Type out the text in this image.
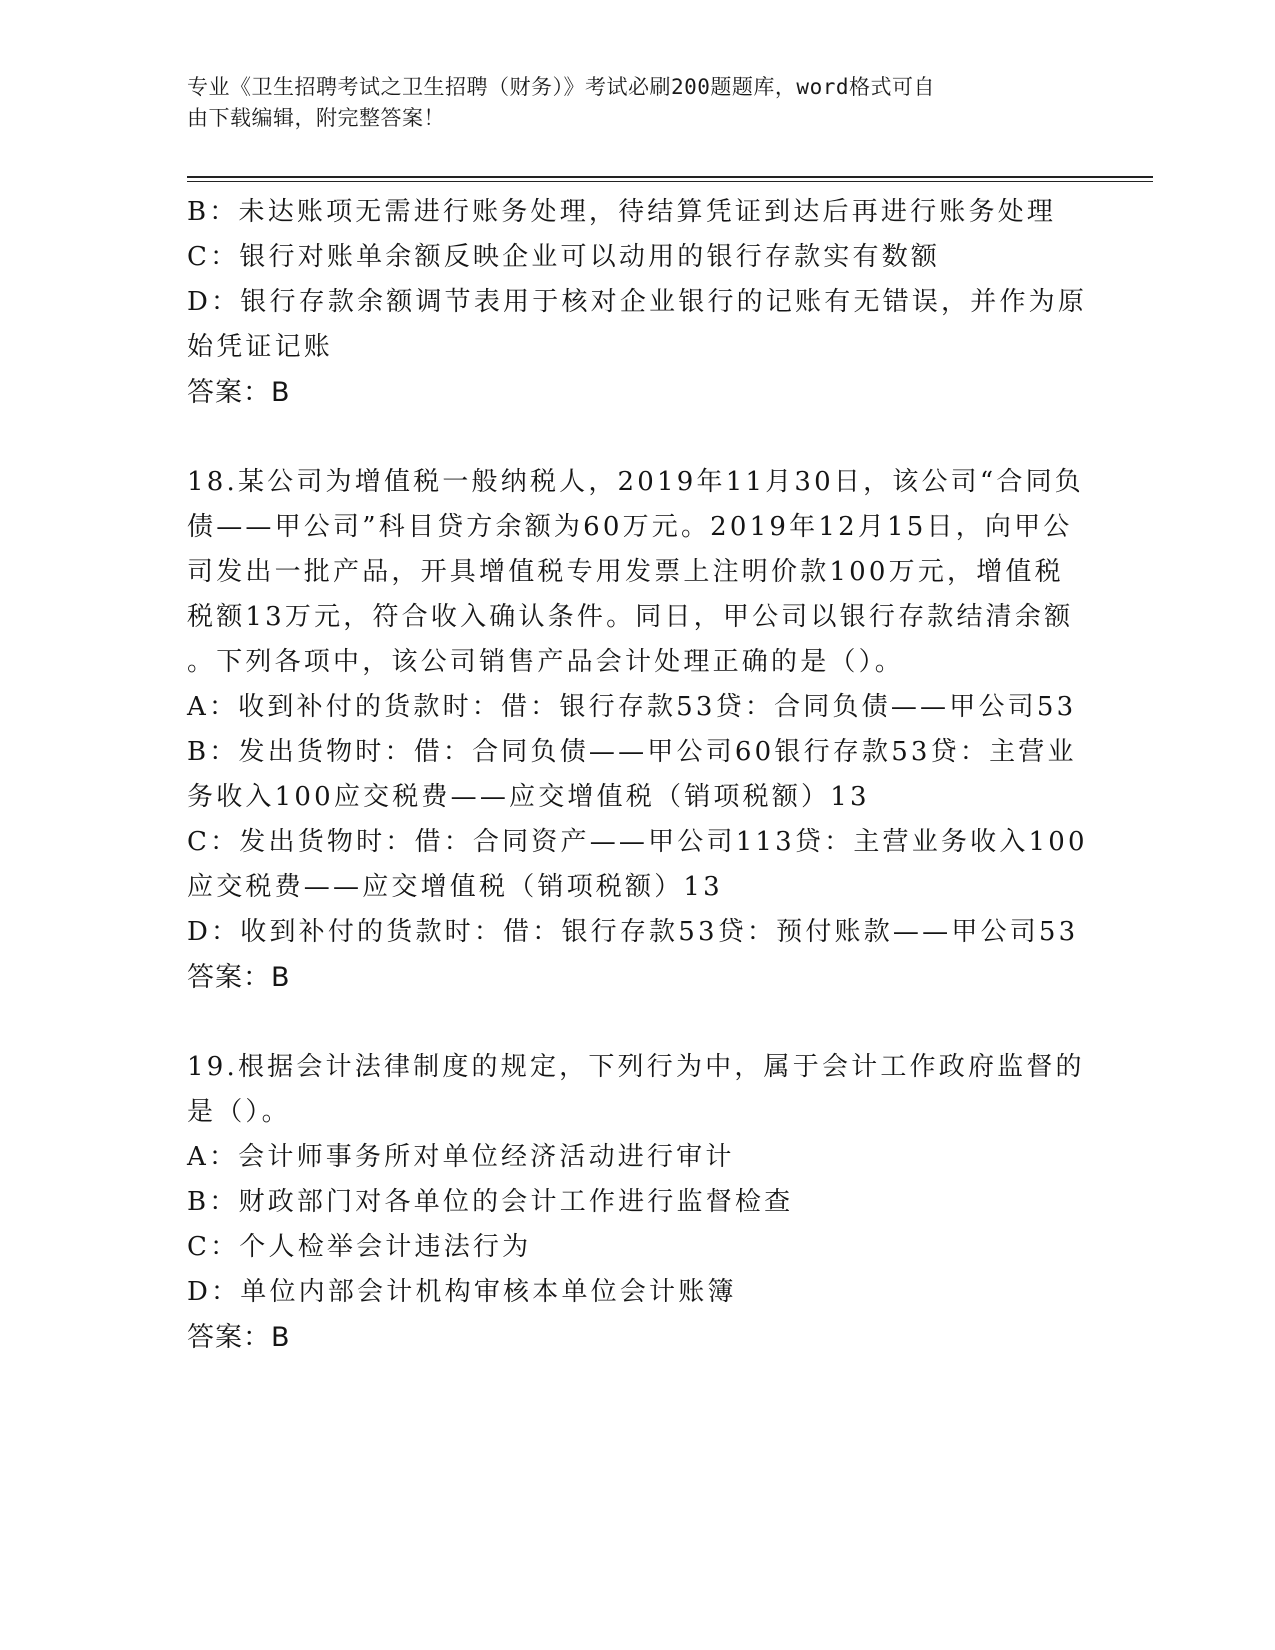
专业《卫生招聘考试之卫生招聘（财务）》考试必刷200题题库，word格式可自
由下载编辑，附完整答案！
B：未达账项无需进行账务处理，待结算凭证到达后再进行账务处理
C：银行对账单余额反映企业可以动用的银行存款实有数额
D：银行存款余额调节表用于核对企业银行的记账有无错误，并作为原
始凭证记账
答案：B
18.某公司为增值税一般纳税人，2019年11月30日，该公司“合同负
债——甲公司”科目贷方余额为60万元。2019年12月15日，向甲公
司发出一批产品，开具增值税专用发票上注明价款100万元，增值税
税额13万元，符合收入确认条件。同日，甲公司以银行存款结清余额
。下列各项中，该公司销售产品会计处理正确的是（）。
A：收到补付的货款时：借：银行存款53贷：合同负债——甲公司53
B：发出货物时：借：合同负债——甲公司60银行存款53贷：主营业
务收入100应交税费——应交增值税（销项税额）13
C：发出货物时：借：合同资产——甲公司113贷：主营业务收入100
应交税费——应交增值税（销项税额）13
D：收到补付的货款时：借：银行存款53贷：预付账款——甲公司53
答案：B
19.根据会计法律制度的规定，下列行为中，属于会计工作政府监督的
是（）。
A：会计师事务所对单位经济活动进行审计
B：财政部门对各单位的会计工作进行监督检查
C：个人检举会计违法行为
D：单位内部会计机构审核本单位会计账簿
答案：B
